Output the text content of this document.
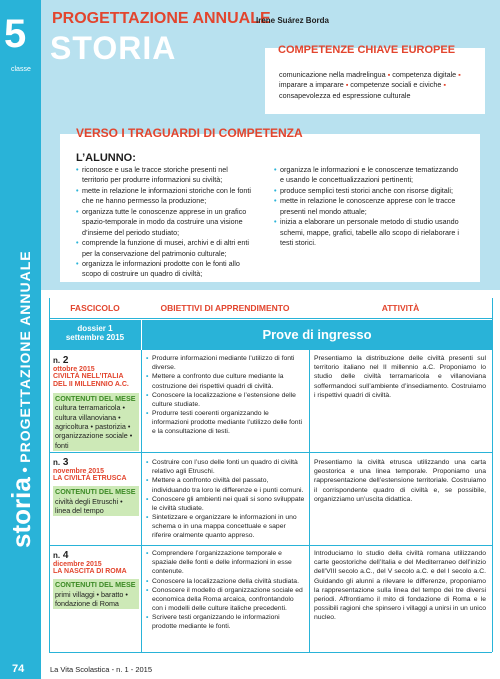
5
classe
storia • PROGETTAZIONE ANNUALE
PROGETTAZIONE ANNUALE
Irene Suárez Borda
STORIA	COMPETENZE CHIAVE EUROPEE
comunicazione nella madrelingua ▪ competenza digitale ▪ imparare a imparare ▪ competenze sociali e civiche ▪ consapevolezza ed espressione culturale
VERSO I TRAGUARDI DI COMPETENZA
L’ALUNNO:
• riconosce e usa le tracce storiche presenti nel territorio per produrre informazioni su civiltà;
• mette in relazione le informazioni storiche con le fonti che ne hanno permesso la produzione;
• organizza tutte le conoscenze apprese in un grafico spazio-temporale in modo da costruire una visione d’insieme del periodo studiato;
• comprende la funzione di musei, archivi e di altri enti per la conservazione del patrimonio culturale;
• organizza le informazioni prodotte con le fonti allo scopo di costruire un quadro di civiltà;
• organizza le informazioni e le conoscenze tematizzando e usando le concettualizzazioni pertinenti;
• produce semplici testi storici anche con risorse digitali;
• mette in relazione le conoscenze apprese con le tracce presenti nel mondo attuale;
• inizia a elaborare un personale metodo di studio usando schemi, mappe, grafici, tabelle allo scopo di rielaborare i testi storici.
FASCICOLO	OBIETTIVI DI APPRENDIMENTO	ATTIVITÀ
dossier 1
settembre 2015	Prove di ingresso
n. 2
ottobre 2015
CIVILTÀ NELL’ITALIA DEL II MILLENNIO A.C.
CONTENUTI DEL MESE
cultura terramaricola • cultura villanoviana • agricoltura • pastorizia • organizzazione sociale • fonti
• Produrre informazioni mediante l’utilizzo di fonti diverse.
• Mettere a confronto due culture mediante la costruzione dei rispettivi quadri di civiltà.
• Conoscere la localizzazione e l’estensione delle culture studiate.
• Produrre testi coerenti organizzando le informazioni prodotte mediante l’utilizzo delle fonti e la consultazione di testi.
Presentiamo la distribuzione delle civiltà presenti sul territorio italiano nel II millennio a.C. Proponiamo lo studio delle civiltà terramaricola e villanoviana soffermandoci sull’ambiente d’insediamento. Costruiamo i rispettivi quadri di civiltà.
n. 3
novembre 2015
LA CIVILTÀ ETRUSCA
CONTENUTI DEL MESE
civiltà degli Etruschi • linea del tempo
• Costruire con l’uso delle fonti un quadro di civiltà relativo agli Etruschi.
• Mettere a confronto civiltà del passato, individuando tra loro le differenze e i punti comuni.
• Conoscere gli ambienti nei quali si sono sviluppate le civiltà studiate.
• Sintetizzare e organizzare le informazioni in uno schema o in una mappa concettuale e saper riferire oralmente quanto appreso.
Presentiamo la civiltà etrusca utilizzando una carta geostorica e una linea temporale. Proponiamo una rappresentazione dell’estensione territoriale. Costruiamo il corrispondente quadro di civiltà e, se possibile, organizziamo un’uscita didattica.
n. 4
dicembre 2015
LA NASCITA DI ROMA
CONTENUTI DEL MESE
primi villaggi • baratto • fondazione di Roma
• Comprendere l’organizzazione temporale e spaziale delle fonti e delle informazioni in esse contenute.
• Conoscere la localizzazione della civiltà studiata.
• Conoscere il modello di organizzazione sociale ed economica della Roma arcaica, confrontandolo con i modelli delle culture italiche precedenti.
• Scrivere testi organizzando le informazioni prodotte mediante le fonti.
Introduciamo lo studio della civiltà romana utilizzando carte geostoriche dell’Italia e del Mediterraneo dell’inizio dell’VIII secolo a.C., del V secolo a.C. e del I secolo a.C. Guidando gli alunni a rilevare le differenze, proponiamo la rappresentazione sulla linea del tempo dei tre diversi periodi. Affrontiamo il mito di fondazione di Roma e le possibili ragioni che spinsero i villaggi a unirsi in un unico nucleo.
74	La Vita Scolastica - n. 1 - 2015
